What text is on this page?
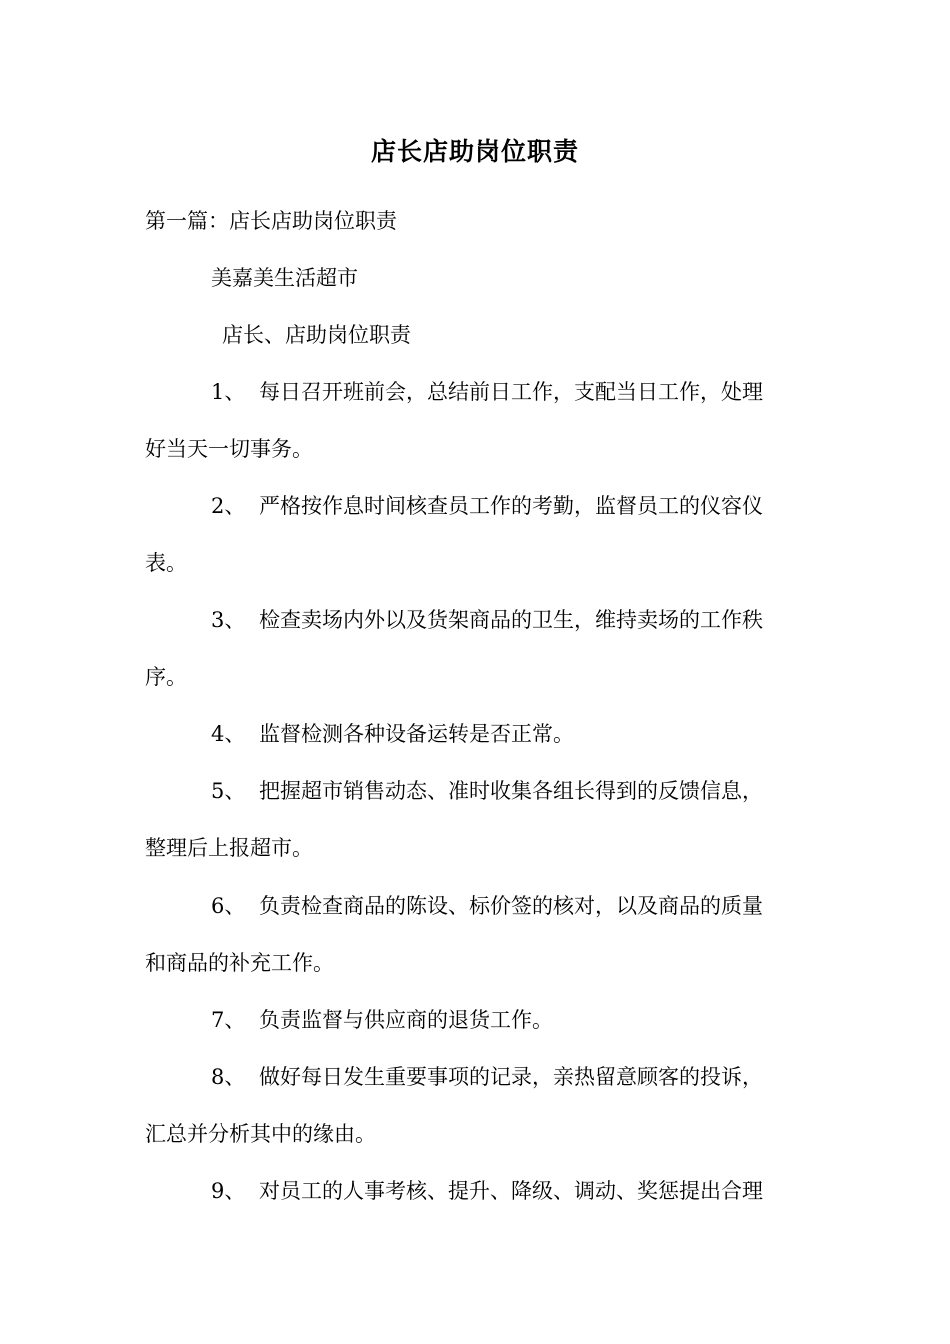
店长店助岗位职责
第一篇：店长店助岗位职责
美嘉美生活超市
店长、店助岗位职责
1、 每日召开班前会，总结前日工作，支配当日工作，处理
好当天一切事务。
2、 严格按作息时间核查员工作的考勤，监督员工的仪容仪
表。
3、 检查卖场内外以及货架商品的卫生，维持卖场的工作秩
序。
4、 监督检测各种设备运转是否正常。
5、 把握超市销售动态、准时收集各组长得到的反馈信息，
整理后上报超市。
6、 负责检查商品的陈设、标价签的核对，以及商品的质量
和商品的补充工作。
7、 负责监督与供应商的退货工作。
8、 做好每日发生重要事项的记录，亲热留意顾客的投诉，
汇总并分析其中的缘由。
9、 对员工的人事考核、提升、降级、调动、奖惩提出合理
